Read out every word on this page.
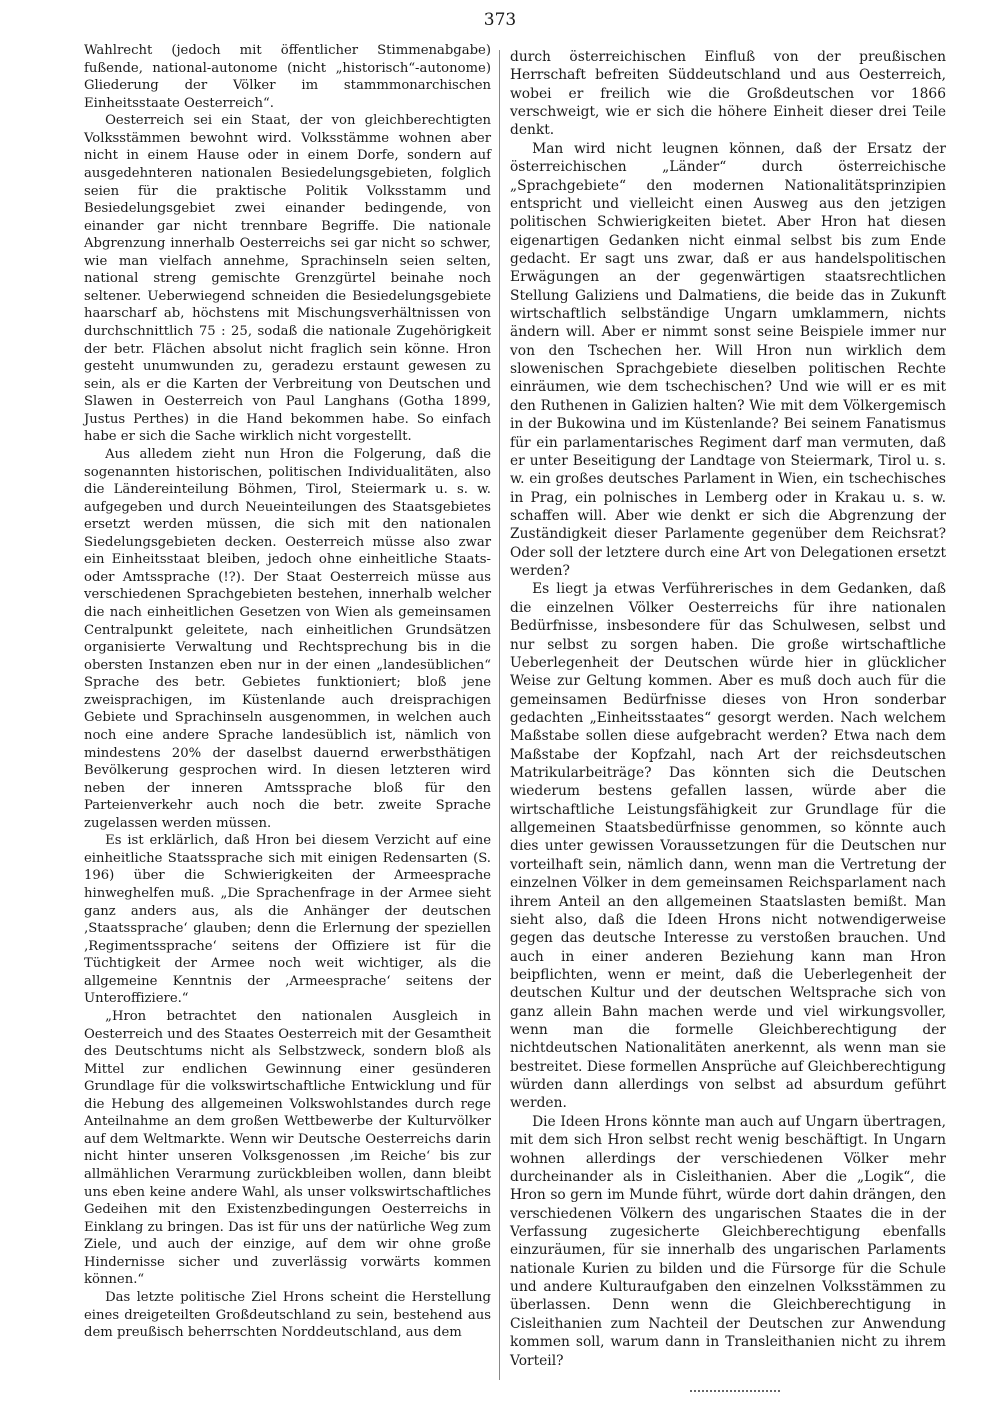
373

Wahlrecht (jedoch mit öffentlicher Stimmenabgabe) fußende, national-autonome (nicht „historisch“-autonome) Gliederung der Völker im stammmonarchischen Einheitsstaate Oesterreich“.

Oesterreich sei ein Staat, der von gleichberechtigten Volksstämmen bewohnt wird. Volksstämme wohnen aber nicht in einem Hause oder in einem Dorfe, sondern auf ausgedehnteren nationalen Besiedelungsgebieten, folglich seien für die praktische Politik Volksstamm und Besiedelungsgebiet zwei einander bedingende, von einander gar nicht trennbare Begriffe. Die nationale Abgrenzung innerhalb Oesterreichs sei gar nicht so schwer, wie man vielfach annehme, Sprachinseln seien selten, national streng gemischte Grenzgürtel beinahe noch seltener. Ueberwiegend schneiden die Besiedelungsgebiete haarscharf ab, höchstens mit Mischungsverhältnissen von durchschnittlich 75 : 25, sodaß die nationale Zugehörigkeit der betr. Flächen absolut nicht fraglich sein könne. Hron gesteht unumwunden zu, geradezu erstaunt gewesen zu sein, als er die Karten der Verbreitung von Deutschen und Slawen in Oesterreich von Paul Langhans (Gotha 1899, Justus Perthes) in die Hand bekommen habe. So einfach habe er sich die Sache wirklich nicht vorgestellt.

Aus alledem zieht nun Hron die Folgerung, daß die sogenannten historischen, politischen Individualitäten, also die Ländereinteilung Böhmen, Tirol, Steiermark u. s. w. aufgegeben und durch Neueinteilungen des Staatsgebietes ersetzt werden müssen, die sich mit den nationalen Siedelungsgebieten decken. Oesterreich müsse also zwar ein Einheitsstaat bleiben, jedoch ohne einheitliche Staats- oder Amtssprache (!?). Der Staat Oesterreich müsse aus verschiedenen Sprachgebieten bestehen, innerhalb welcher die nach einheitlichen Gesetzen von Wien als gemeinsamen Centralpunkt geleitete, nach einheitlichen Grundsätzen organisierte Verwaltung und Rechtsprechung bis in die obersten Instanzen eben nur in der einen „landesüblichen“ Sprache des betr. Gebietes funktioniert; bloß jene zweisprachigen, im Küstenlande auch dreisprachigen Gebiete und Sprachinseln ausgenommen, in welchen auch noch eine andere Sprache landesüblich ist, nämlich von mindestens 20% der daselbst dauernd erwerbsthätigen Bevölkerung gesprochen wird. In diesen letzteren wird neben der inneren Amtssprache bloß für den Parteienverkehr auch noch die betr. zweite Sprache zugelassen werden müssen.

Es ist erklärlich, daß Hron bei diesem Verzicht auf eine einheitliche Staatssprache sich mit einigen Redensarten (S. 196) über die Schwierigkeiten der Armeesprache hinweghelfen muß. „Die Sprachenfrage in der Armee sieht ganz anders aus, als die Anhänger der deutschen ‚Staatssprache‘ glauben; denn die Erlernung der speziellen ‚Regimentssprache‘ seitens der Offiziere ist für die Tüchtigkeit der Armee noch weit wichtiger, als die allgemeine Kenntnis der ‚Armeesprache‘ seitens der Unteroffiziere.“

„Hron betrachtet den nationalen Ausgleich in Oesterreich und des Staates Oesterreich mit der Gesamtheit des Deutschtums nicht als Selbstzweck, sondern bloß als Mittel zur endlichen Gewinnung einer gesünderen Grundlage für die volkswirtschaftliche Entwicklung und für die Hebung des allgemeinen Volkswohlstandes durch rege Anteilnahme an dem großen Wettbewerbe der Kulturvölker auf dem Weltmarkte. Wenn wir Deutsche Oesterreichs darin nicht hinter unseren Volksgenossen ‚im Reiche‘ bis zur allmählichen Verarmung zurückbleiben wollen, dann bleibt uns eben keine andere Wahl, als unser volkswirtschaftliches Gedeihen mit den Existenzbedingungen Oesterreichs in Einklang zu bringen. Das ist für uns der natürliche Weg zum Ziele, und auch der einzige, auf dem wir ohne große Hindernisse sicher und zuverlässig vorwärts kommen können.“

Das letzte politische Ziel Hrons scheint die Herstellung eines dreigeteilten Großdeutschland zu sein, bestehend aus dem preußisch beherrschten Norddeutschland, aus dem

durch österreichischen Einfluß von der preußischen Herrschaft befreiten Süddeutschland und aus Oesterreich, wobei er freilich wie die Großdeutschen vor 1866 verschweigt, wie er sich die höhere Einheit dieser drei Teile denkt.

Man wird nicht leugnen können, daß der Ersatz der österreichischen „Länder“ durch österreichische „Sprachgebiete“ den modernen Nationalitätsprinzipien entspricht und vielleicht einen Ausweg aus den jetzigen politischen Schwierigkeiten bietet. Aber Hron hat diesen eigenartigen Gedanken nicht einmal selbst bis zum Ende gedacht. Er sagt uns zwar, daß er aus handelspolitischen Erwägungen an der gegenwärtigen staatsrechtlichen Stellung Galiziens und Dalmatiens, die beide das in Zukunft wirtschaftlich selbständige Ungarn umklammern, nichts ändern will. Aber er nimmt sonst seine Beispiele immer nur von den Tschechen her. Will Hron nun wirklich dem slowenischen Sprachgebiete dieselben politischen Rechte einräumen, wie dem tschechischen? Und wie will er es mit den Ruthenen in Galizien halten? Wie mit dem Völkergemisch in der Bukowina und im Küstenlande? Bei seinem Fanatismus für ein parlamentarisches Regiment darf man vermuten, daß er unter Beseitigung der Landtage von Steiermark, Tirol u. s. w. ein großes deutsches Parlament in Wien, ein tschechisches in Prag, ein polnisches in Lemberg oder in Krakau u. s. w. schaffen will. Aber wie denkt er sich die Abgrenzung der Zuständigkeit dieser Parlamente gegenüber dem Reichsrat? Oder soll der letztere durch eine Art von Delegationen ersetzt werden?

Es liegt ja etwas Verführerisches in dem Gedanken, daß die einzelnen Völker Oesterreichs für ihre nationalen Bedürfnisse, insbesondere für das Schulwesen, selbst und nur selbst zu sorgen haben. Die große wirtschaftliche Ueberlegenheit der Deutschen würde hier in glücklicher Weise zur Geltung kommen. Aber es muß doch auch für die gemeinsamen Bedürfnisse dieses von Hron sonderbar gedachten „Einheitsstaates“ gesorgt werden. Nach welchem Maßstabe sollen diese aufgebracht werden? Etwa nach dem Maßstabe der Kopfzahl, nach Art der reichsdeutschen Matrikularbeiträge? Das könnten sich die Deutschen wiederum bestens gefallen lassen, würde aber die wirtschaftliche Leistungsfähigkeit zur Grundlage für die allgemeinen Staatsbedürfnisse genommen, so könnte auch dies unter gewissen Voraussetzungen für die Deutschen nur vorteilhaft sein, nämlich dann, wenn man die Vertretung der einzelnen Völker in dem gemeinsamen Reichsparlament nach ihrem Anteil an den allgemeinen Staatslasten bemißt. Man sieht also, daß die Ideen Hrons nicht notwendigerweise gegen das deutsche Interesse zu verstoßen brauchen. Und auch in einer anderen Beziehung kann man Hron beipflichten, wenn er meint, daß die Ueberlegenheit der deutschen Kultur und der deutschen Weltsprache sich von ganz allein Bahn machen werde und viel wirkungsvoller, wenn man die formelle Gleichberechtigung der nichtdeutschen Nationalitäten anerkennt, als wenn man sie bestreitet. Diese formellen Ansprüche auf Gleichberechtigung würden dann allerdings von selbst ad absurdum geführt werden.

Die Ideen Hrons könnte man auch auf Ungarn übertragen, mit dem sich Hron selbst recht wenig beschäftigt. In Ungarn wohnen allerdings der verschiedenen Völker mehr durcheinander als in Cisleithanien. Aber die „Logik“, die Hron so gern im Munde führt, würde dort dahin drängen, den verschiedenen Völkern des ungarischen Staates die in der Verfassung zugesicherte Gleichberechtigung ebenfalls einzuräumen, für sie innerhalb des ungarischen Parlaments nationale Kurien zu bilden und die Fürsorge für die Schule und andere Kulturaufgaben den einzelnen Volksstämmen zu überlassen. Denn wenn die Gleichberechtigung in Cisleithanien zum Nachteil der Deutschen zur Anwendung kommen soll, warum dann in Transleithanien nicht zu ihrem Vorteil?
